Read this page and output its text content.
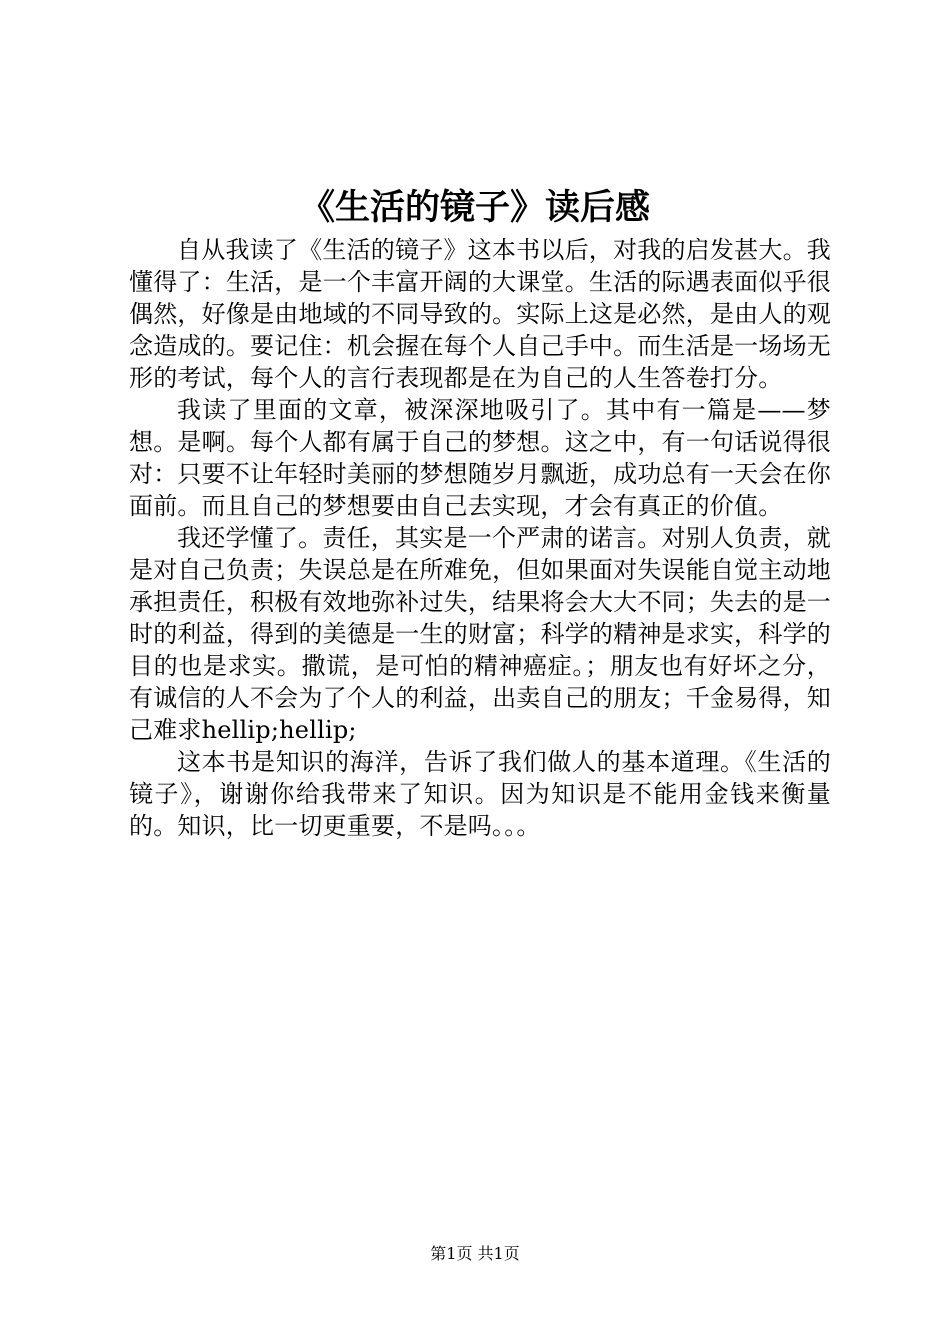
《生活的镜子》读后感

自从我读了《生活的镜子》这本书以后，对我的启发甚大。我懂得了：生活，是一个丰富开阔的大课堂。生活的际遇表面似乎很偶然，好像是由地域的不同导致的。实际上这是必然，是由人的观念造成的。要记住：机会握在每个人自己手中。而生活是一场场无形的考试，每个人的言行表现都是在为自己的人生答卷打分。

我读了里面的文章，被深深地吸引了。其中有一篇是——梦想。是啊。每个人都有属于自己的梦想。这之中，有一句话说得很对：只要不让年轻时美丽的梦想随岁月飘逝，成功总有一天会在你面前。而且自己的梦想要由自己去实现，才会有真正的价值。

我还学懂了。责任，其实是一个严肃的诺言。对别人负责，就是对自己负责；失误总是在所难免，但如果面对失误能自觉主动地承担责任，积极有效地弥补过失，结果将会大大不同；失去的是一时的利益，得到的美德是一生的财富；科学的精神是求实，科学的目的也是求实。撒谎，是可怕的精神癌症。；朋友也有好坏之分，有诚信的人不会为了个人的利益，出卖自己的朋友；千金易得，知己难求hellip;hellip;

这本书是知识的海洋，告诉了我们做人的基本道理。《生活的镜子》，谢谢你给我带来了知识。因为知识是不能用金钱来衡量的。知识，比一切更重要，不是吗。。。

第1页 共1页
